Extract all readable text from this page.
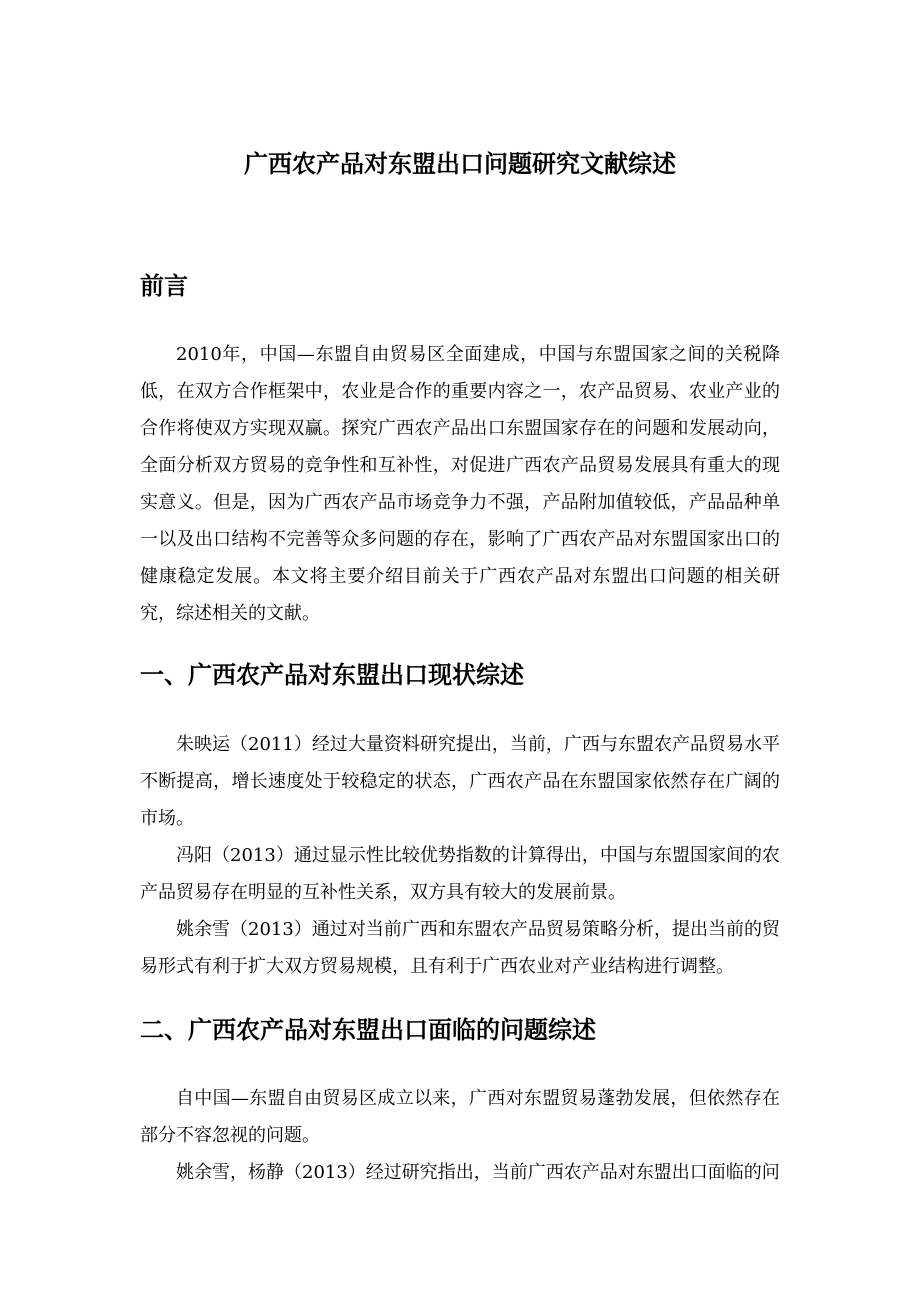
广西农产品对东盟出口问题研究文献综述
前言

2010年，中国—东盟自由贸易区全面建成，中国与东盟国家之间的关税降低，在双方合作框架中，农业是合作的重要内容之一，农产品贸易、农业产业的合作将使双方实现双赢。探究广西农产品出口东盟国家存在的问题和发展动向，全面分析双方贸易的竞争性和互补性，对促进广西农产品贸易发展具有重大的现实意义。但是，因为广西农产品市场竞争力不强，产品附加值较低，产品品种单一以及出口结构不完善等众多问题的存在，影响了广西农产品对东盟国家出口的健康稳定发展。本文将主要介绍目前关于广西农产品对东盟出口问题的相关研究，综述相关的文献。

一、广西农产品对东盟出口现状综述

朱映运（2011）经过大量资料研究提出，当前，广西与东盟农产品贸易水平不断提高，增长速度处于较稳定的状态，广西农产品在东盟国家依然存在广阔的市场。

冯阳（2013）通过显示性比较优势指数的计算得出，中国与东盟国家间的农产品贸易存在明显的互补性关系，双方具有较大的发展前景。

姚余雪（2013）通过对当前广西和东盟农产品贸易策略分析，提出当前的贸易形式有利于扩大双方贸易规模，且有利于广西农业对产业结构进行调整。

二、广西农产品对东盟出口面临的问题综述

自中国—东盟自由贸易区成立以来，广西对东盟贸易蓬勃发展，但依然存在部分不容忽视的问题。

姚余雪，杨静（2013）经过研究指出，当前广西农产品对东盟出口面临的问
